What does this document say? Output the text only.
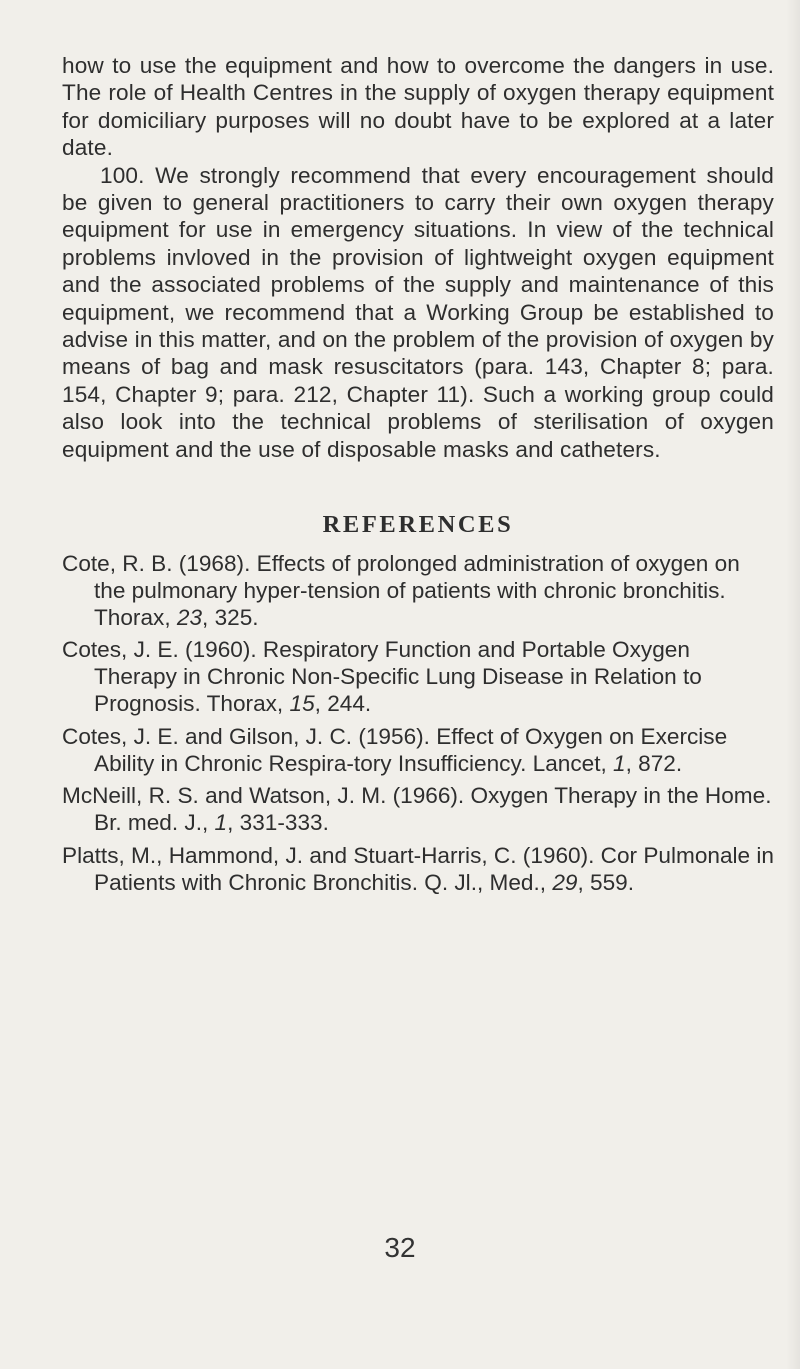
how to use the equipment and how to overcome the dangers in use. The role of Health Centres in the supply of oxygen therapy equipment for domiciliary purposes will no doubt have to be explored at a later date.

100. We strongly recommend that every encouragement should be given to general practitioners to carry their own oxygen therapy equipment for use in emergency situations. In view of the technical problems invloved in the provision of lightweight oxygen equipment and the associated problems of the supply and maintenance of this equipment, we recommend that a Working Group be established to advise in this matter, and on the problem of the provision of oxygen by means of bag and mask resuscitators (para. 143, Chapter 8; para. 154, Chapter 9; para. 212, Chapter 11). Such a working group could also look into the technical problems of sterilisation of oxygen equipment and the use of disposable masks and catheters.

REFERENCES
Cote, R. B. (1968). Effects of prolonged administration of oxygen on the pulmonary hyper-tension of patients with chronic bronchitis. Thorax, 23, 325.
Cotes, J. E. (1960). Respiratory Function and Portable Oxygen Therapy in Chronic Non-Specific Lung Disease in Relation to Prognosis. Thorax, 15, 244.
Cotes, J. E. and Gilson, J. C. (1956). Effect of Oxygen on Exercise Ability in Chronic Respira-tory Insufficiency. Lancet, 1, 872.
McNeill, R. S. and Watson, J. M. (1966). Oxygen Therapy in the Home. Br. med. J., 1, 331-333.
Platts, M., Hammond, J. and Stuart-Harris, C. (1960). Cor Pulmonale in Patients with Chronic Bronchitis. Q. Jl., Med., 29, 559.
32
